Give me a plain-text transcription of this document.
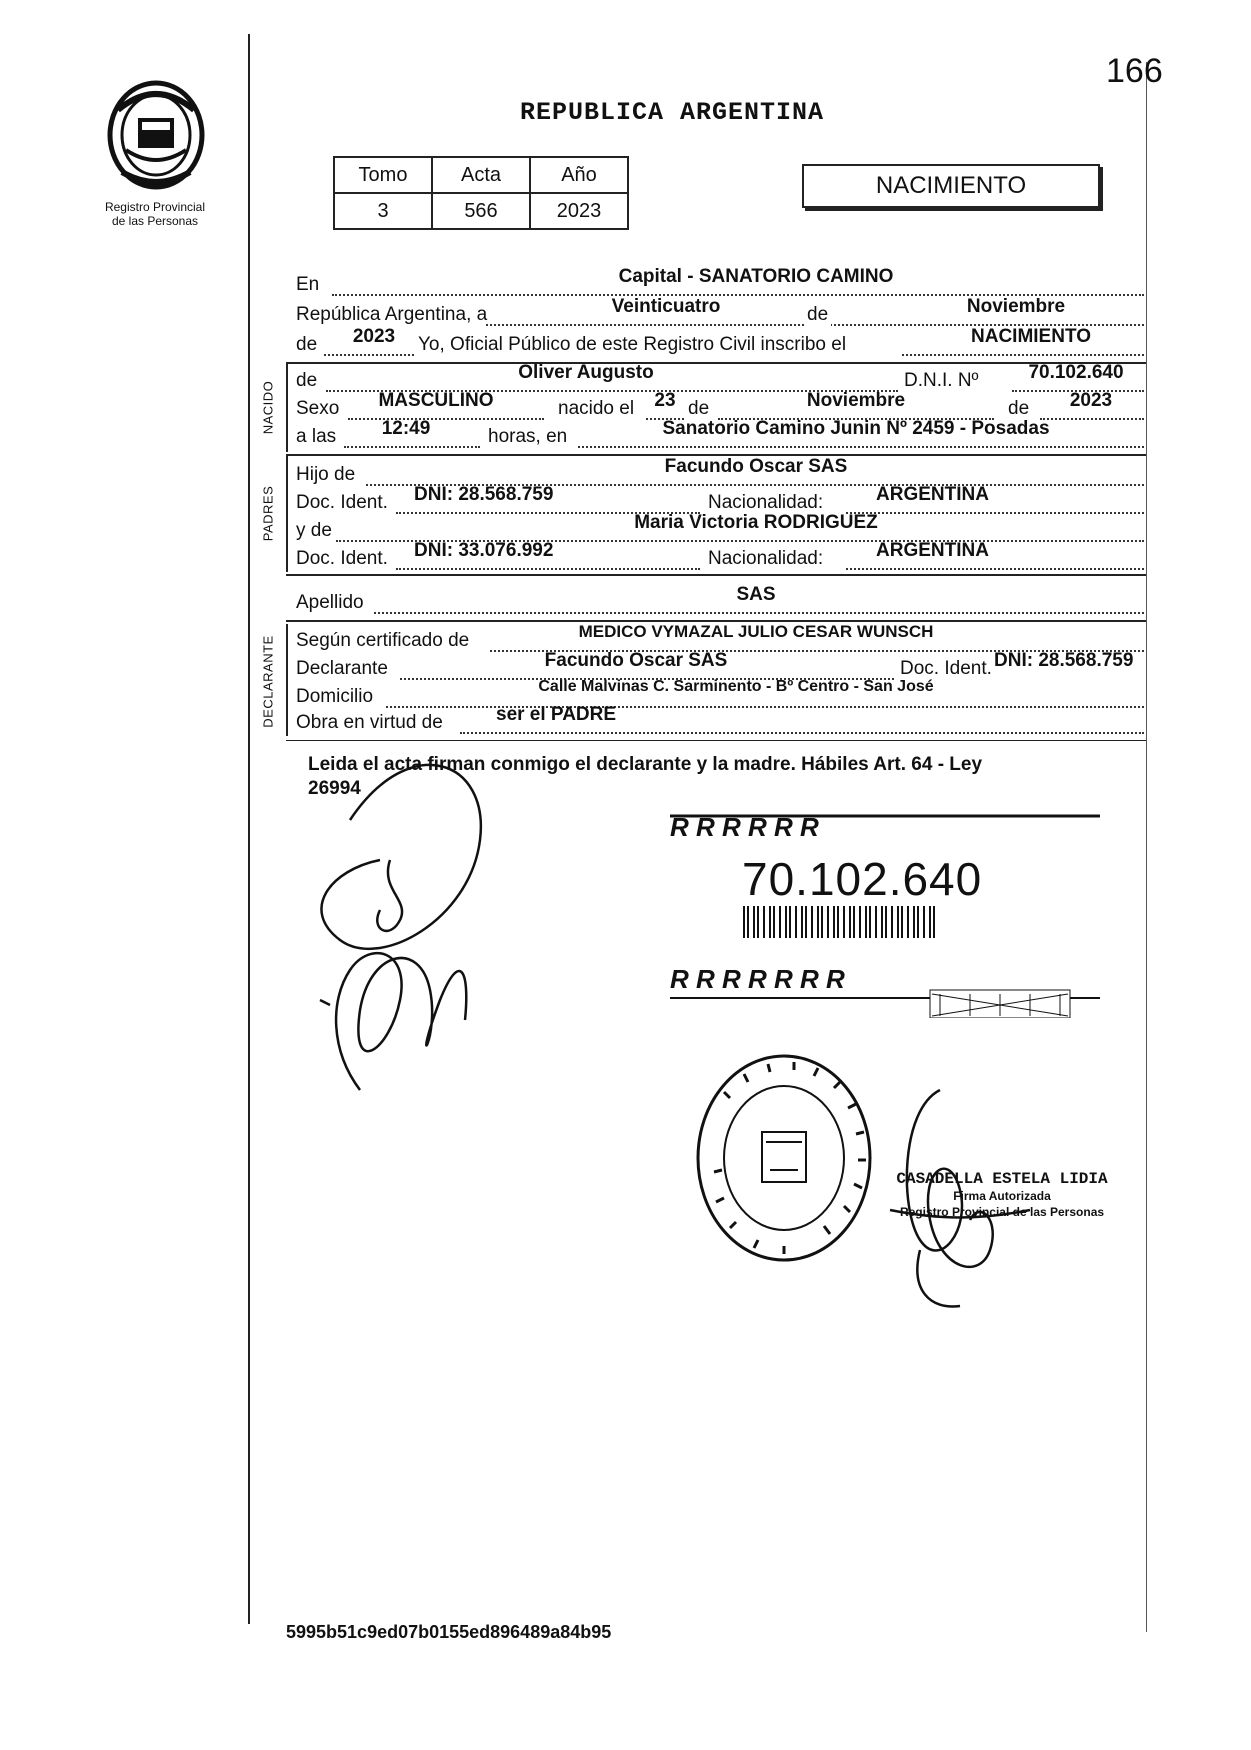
166
Registro Provincial
de las Personas
REPUBLICA ARGENTINA
Tomo	Acta	Año
3	566	2023
NACIMIENTO
En	Capital - SANATORIO CAMINO
República Argentina, a	Veinticuatro	de	Noviembre
de	2023	Yo, Oficial Público de este Registro Civil inscribo el	NACIMIENTO
NACIDO
de	Oliver Augusto	D.N.I. Nº	70.102.640
Sexo	MASCULINO	nacido el	23 de	Noviembre	de	2023
a las	12:49	horas, en	Sanatorio Camino Junin Nº 2459 - Posadas
PADRES
Hijo de	Facundo Oscar SAS
Doc. Ident. DNI: 28.568.759	Nacionalidad:	ARGENTINA
y de	Maria Victoria RODRIGUEZ
Doc. Ident. DNI: 33.076.992	Nacionalidad:	ARGENTINA
Apellido	SAS
DECLARANTE Según certificado de	MEDICO VYMAZAL JULIO CESAR WUNSCH
Declarante	Facundo Oscar SAS	Doc. Ident. DNI: 28.568.759
Domicilio	Calle Malvinas C. Sarminento - Bº Centro - San José
Obra en virtud de	ser el PADRE
Leida el acta firman conmigo el declarante y la madre. Hábiles Art. 64 - Ley
26994
R R R R R R
R R R R R R R
70.102.640
CASADELLA ESTELA LIDIA
Firma Autorizada
Registro Provincial de las Personas
5995b51c9ed07b0155ed896489a84b95
